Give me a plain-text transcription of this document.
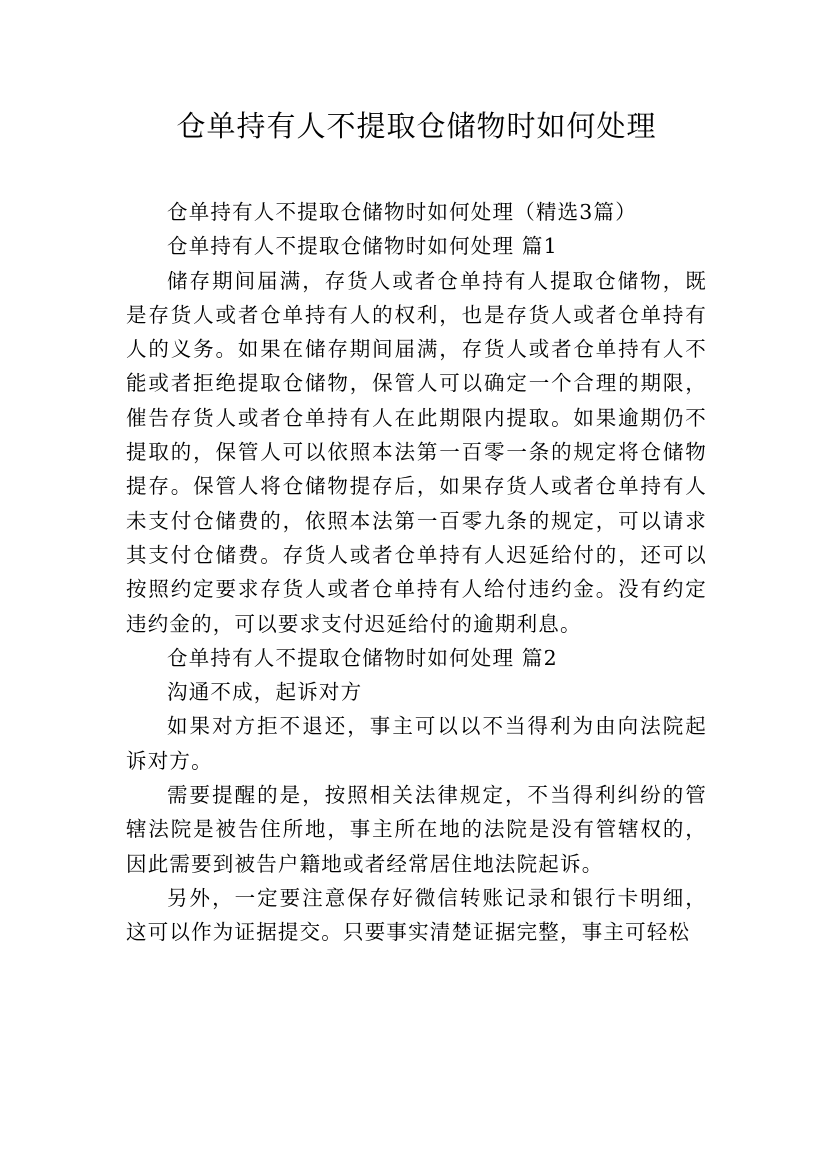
仓单持有人不提取仓储物时如何处理

仓单持有人不提取仓储物时如何处理（精选3篇）

仓单持有人不提取仓储物时如何处理 篇1

储存期间届满，存货人或者仓单持有人提取仓储物，既是存货人或者仓单持有人的权利，也是存货人或者仓单持有人的义务。如果在储存期间届满，存货人或者仓单持有人不能或者拒绝提取仓储物，保管人可以确定一个合理的期限，催告存货人或者仓单持有人在此期限内提取。如果逾期仍不提取的，保管人可以依照本法第一百零一条的规定将仓储物提存。保管人将仓储物提存后，如果存货人或者仓单持有人未支付仓储费的，依照本法第一百零九条的规定，可以请求其支付仓储费。存货人或者仓单持有人迟延给付的，还可以按照约定要求存货人或者仓单持有人给付违约金。没有约定违约金的，可以要求支付迟延给付的逾期利息。

仓单持有人不提取仓储物时如何处理 篇2

沟通不成，起诉对方

如果对方拒不退还，事主可以以不当得利为由向法院起诉对方。

需要提醒的是，按照相关法律规定，不当得利纠纷的管辖法院是被告住所地，事主所在地的法院是没有管辖权的，因此需要到被告户籍地或者经常居住地法院起诉。

另外，一定要注意保存好微信转账记录和银行卡明细，这可以作为证据提交。只要事实清楚证据完整，事主可轻松
